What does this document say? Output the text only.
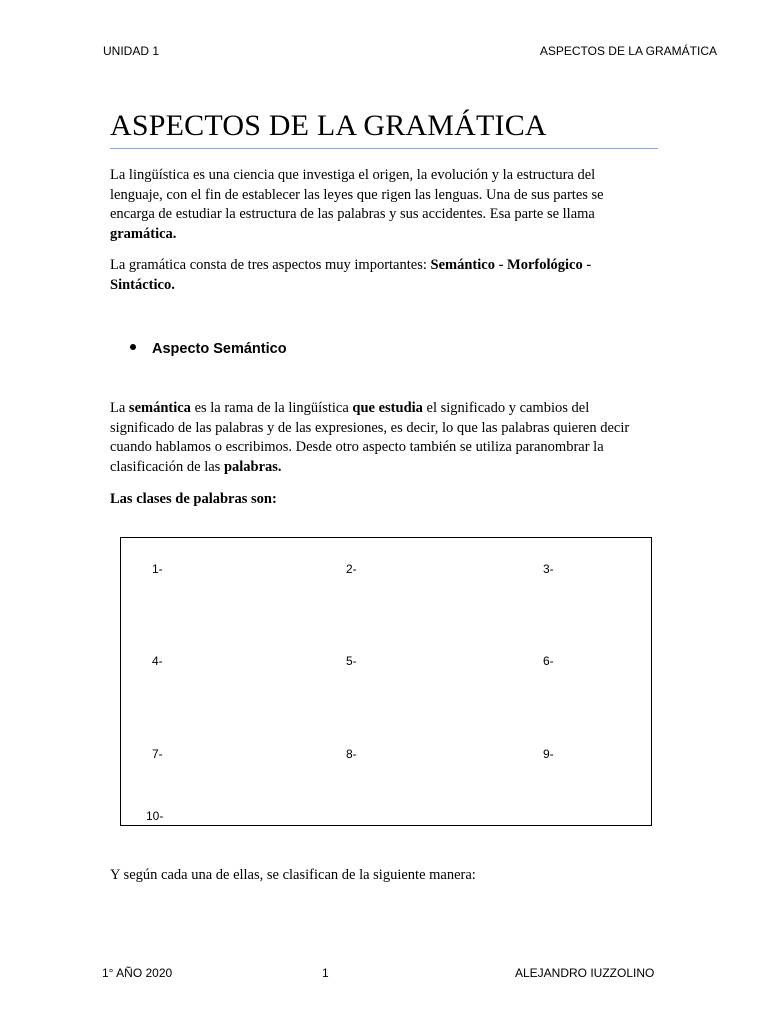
UNIDAD 1	ASPECTOS DE LA GRAMÁTICA
ASPECTOS DE LA GRAMÁTICA

La lingüística es una ciencia que investiga el origen, la evolución y la estructura del lenguaje, con el fin de establecer las leyes que rigen las lenguas. Una de sus partes se encarga de estudiar la estructura de las palabras y sus accidentes. Esa parte se llama gramática.

La gramática consta de tres aspectos muy importantes: Semántico - Morfológico - Sintáctico.

Aspecto Semántico

La semántica es la rama de la lingüística que estudia el significado y cambios del significado de las palabras y de las expresiones, es decir, lo que las palabras quieren decir cuando hablamos o escribimos. Desde otro aspecto también se utiliza paranombrar la clasificación de las palabras.

Las clases de palabras son:

1-	2-	3-
4-	5-	6-
7-	8-	9-
10-

Y según cada una de ellas, se clasifican de la siguiente manera:

1° AÑO 2020	1	ALEJANDRO IUZZOLINO
